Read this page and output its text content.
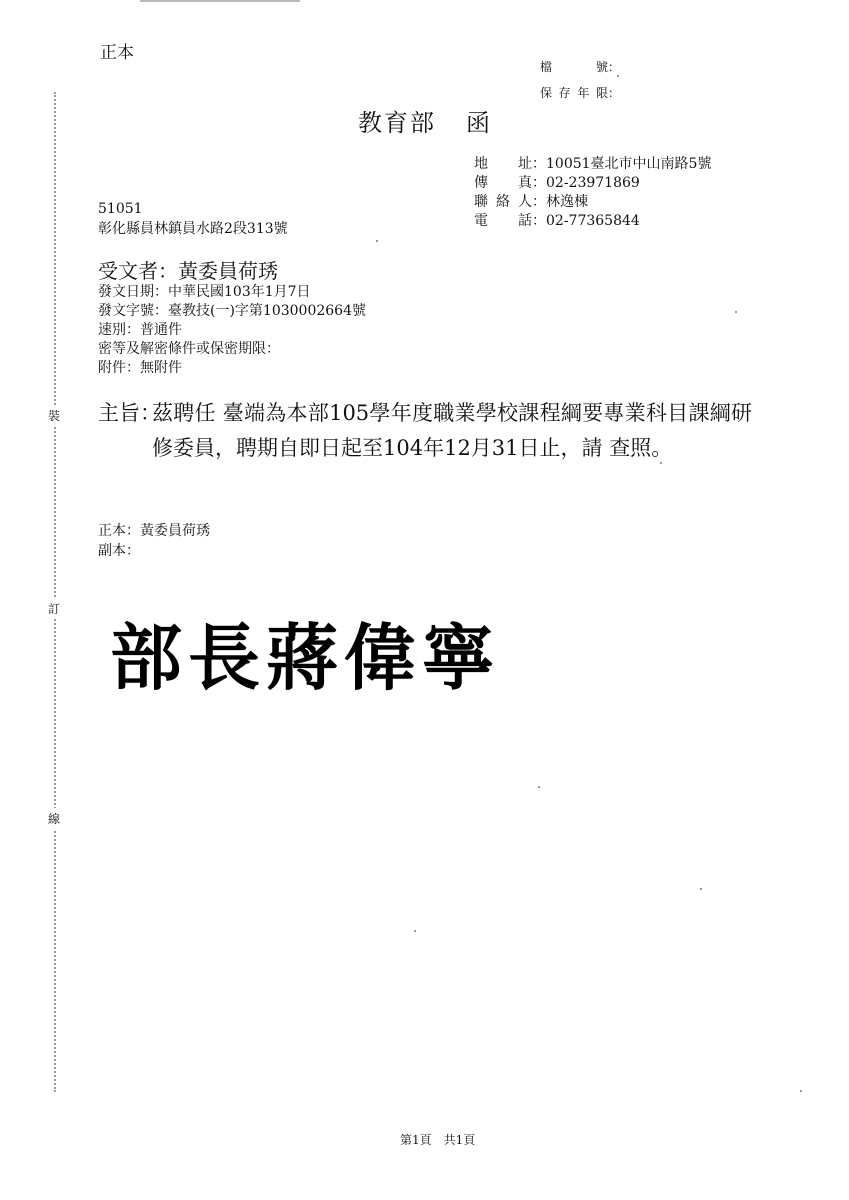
正本
檔 號 ：
保存年限 ：
教育部 函
地 址 ： 10051臺北市中山南路5號
傳 真 ： 02-23971869
聯絡人 ： 林逸棟
電 話 ： 02-77365844
51051
彰化縣員林鎮員水路2段313號
受文者：黃委員荷琇
發文日期：中華民國103年1月7日
發文字號：臺教技(一)字第1030002664號
速別：普通件
密等及解密條件或保密期限：
附件：無附件
主旨：
茲聘任 臺端為本部105學年度職業學校課程綱要專業科目課綱研修委員，聘期自即日起至104年12月31日止，請 查照。
正本：黃委員荷琇
副本：
部長蔣偉寧
裝
訂
線
第1頁 共1頁
